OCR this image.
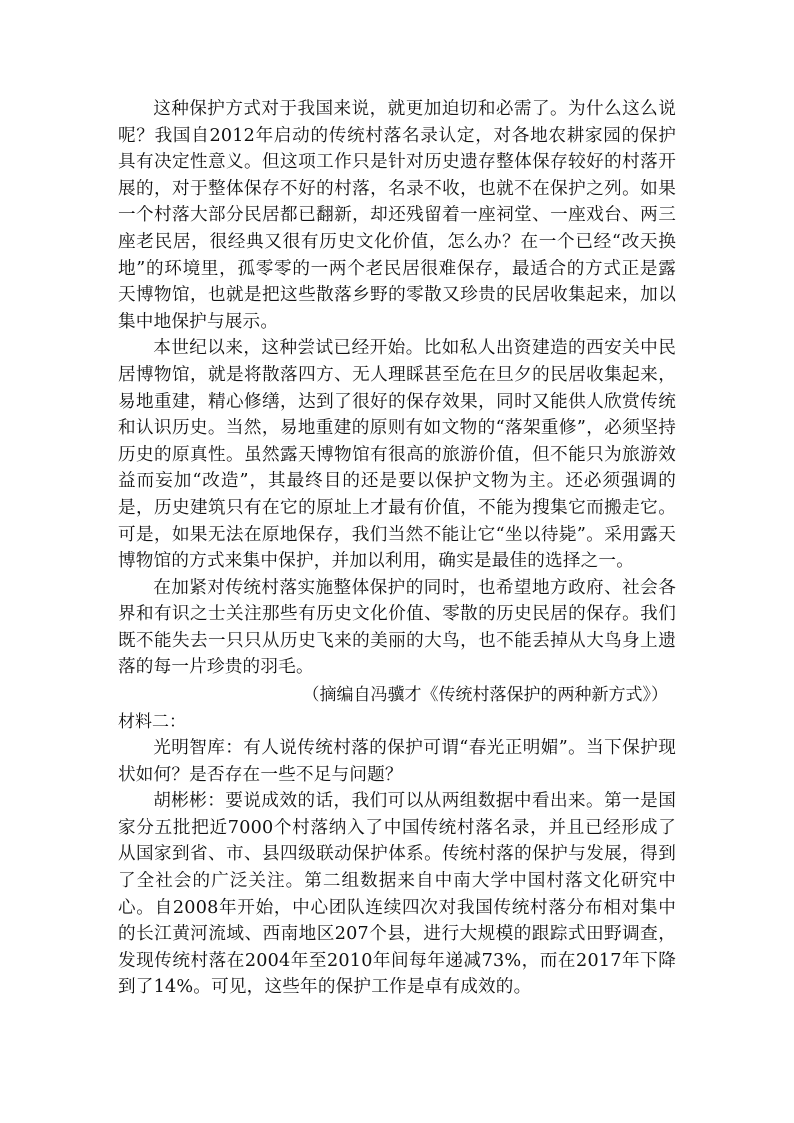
这种保护方式对于我国来说，就更加迫切和必需了。为什么这么说呢？我国自2012年启动的传统村落名录认定，对各地农耕家园的保护具有决定性意义。但这项工作只是针对历史遗存整体保存较好的村落开展的，对于整体保存不好的村落，名录不收，也就不在保护之列。如果一个村落大部分民居都已翻新，却还残留着一座祠堂、一座戏台、两三座老民居，很经典又很有历史文化价值，怎么办？在一个已经“改天换地”的环境里，孤零零的一两个老民居很难保存，最适合的方式正是露天博物馆，也就是把这些散落乡野的零散又珍贵的民居收集起来，加以集中地保护与展示。

本世纪以来，这种尝试已经开始。比如私人出资建造的西安关中民居博物馆，就是将散落四方、无人理睬甚至危在旦夕的民居收集起来，易地重建，精心修缮，达到了很好的保存效果，同时又能供人欣赏传统和认识历史。当然，易地重建的原则有如文物的“落架重修”，必须坚持历史的原真性。虽然露天博物馆有很高的旅游价值，但不能只为旅游效益而妄加“改造”，其最终目的还是要以保护文物为主。还必须强调的是，历史建筑只有在它的原址上才最有价值，不能为搜集它而搬走它。可是，如果无法在原地保存，我们当然不能让它“坐以待毙”。采用露天博物馆的方式来集中保护，并加以利用，确实是最佳的选择之一。

在加紧对传统村落实施整体保护的同时，也希望地方政府、社会各界和有识之士关注那些有历史文化价值、零散的历史民居的保存。我们既不能失去一只只从历史飞来的美丽的大鸟，也不能丢掉从大鸟身上遗落的每一片珍贵的羽毛。

（摘编自冯骥才《传统村落保护的两种新方式》）

材料二：

光明智库：有人说传统村落的保护可谓“春光正明媚”。当下保护现状如何？是否存在一些不足与问题？

胡彬彬：要说成效的话，我们可以从两组数据中看出来。第一是国家分五批把近7000个村落纳入了中国传统村落名录，并且已经形成了从国家到省、市、县四级联动保护体系。传统村落的保护与发展，得到了全社会的广泛关注。第二组数据来自中南大学中国村落文化研究中心。自2008年开始，中心团队连续四次对我国传统村落分布相对集中的长江黄河流域、西南地区207个县，进行大规模的跟踪式田野调查，发现传统村落在2004年至2010年间每年递减73%，而在2017年下降到了14%。可见，这些年的保护工作是卓有成效的。
